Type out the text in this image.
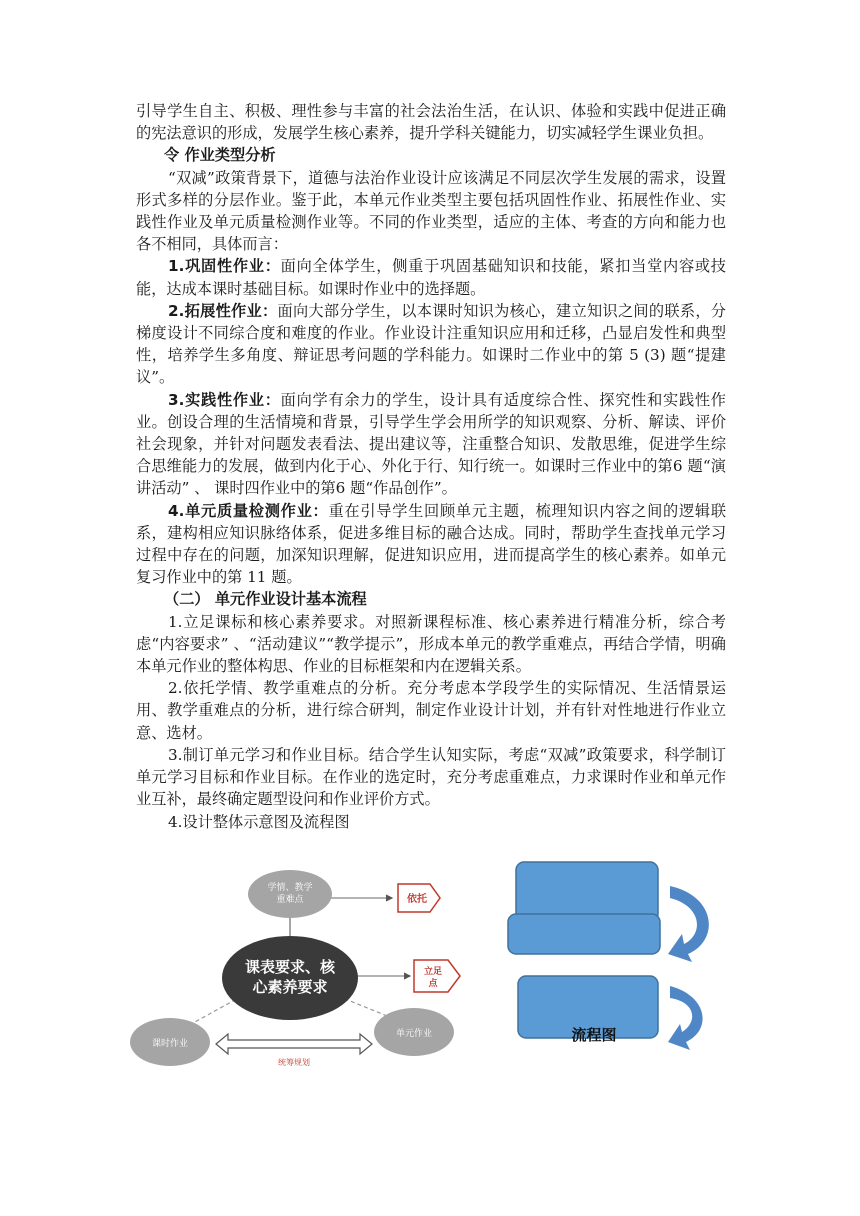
引导学生自主、积极、理性参与丰富的社会法治生活，在认识、体验和实践中促进正确的宪法意识的形成，发展学生核心素养，提升学科关键能力，切实减轻学生课业负担。

令 作业类型分析

“双减”政策背景下，道德与法治作业设计应该满足不同层次学生发展的需求，设置形式多样的分层作业。鉴于此，本单元作业类型主要包括巩固性作业、拓展性作业、实践性作业及单元质量检测作业等。不同的作业类型，适应的主体、考查的方向和能力也各不相同，具体而言：

1.巩固性作业：面向全体学生，侧重于巩固基础知识和技能，紧扣当堂内容或技能，达成本课时基础目标。如课时作业中的选择题。

2.拓展性作业：面向大部分学生，以本课时知识为核心，建立知识之间的联系，分梯度设计不同综合度和难度的作业。作业设计注重知识应用和迁移，凸显启发性和典型性，培养学生多角度、辩证思考问题的学科能力。如课时二作业中的第 5 (3) 题“提建议”。

3.实践性作业：面向学有余力的学生，设计具有适度综合性、探究性和实践性作业。创设合理的生活情境和背景，引导学生学会用所学的知识观察、分析、解读、评价社会现象，并针对问题发表看法、提出建议等，注重整合知识、发散思维，促进学生综合思维能力的发展，做到内化于心、外化于行、知行统一。如课时三作业中的第6 题“演讲活动” 、 课时四作业中的第6 题“作品创作”。

4.单元质量检测作业：重在引导学生回顾单元主题，梳理知识内容之间的逻辑联系，建构相应知识脉络体系，促进多维目标的融合达成。同时，帮助学生查找单元学习过程中存在的问题，加深知识理解，促进知识应用，进而提高学生的核心素养。如单元复习作业中的第 11 题。

（二） 单元作业设计基本流程

1.立足课标和核心素养要求。对照新课程标准、核心素养进行精准分析，综合考虑“内容要求” 、“活动建议”“教学提示”，形成本单元的教学重难点，再结合学情，明确本单元作业的整体构思、作业的目标框架和内在逻辑关系。

2.依托学情、教学重难点的分析。充分考虑本学段学生的实际情况、生活情景运用、教学重难点的分析，进行综合研判，制定作业设计计划，并有针对性地进行作业立意、选材。

3.制订单元学习和作业目标。结合学生认知实际，考虑“双减”政策要求，科学制订单元学习目标和作业目标。在作业的选定时，充分考虑重难点，力求课时作业和单元作业互补，最终确定题型设问和作业评价方式。

4.设计整体示意图及流程图

学情、教学
重难点	依托
课表要求、核
心素养要求
立足
点
课时作业
单元作业
统筹规划
流程图
